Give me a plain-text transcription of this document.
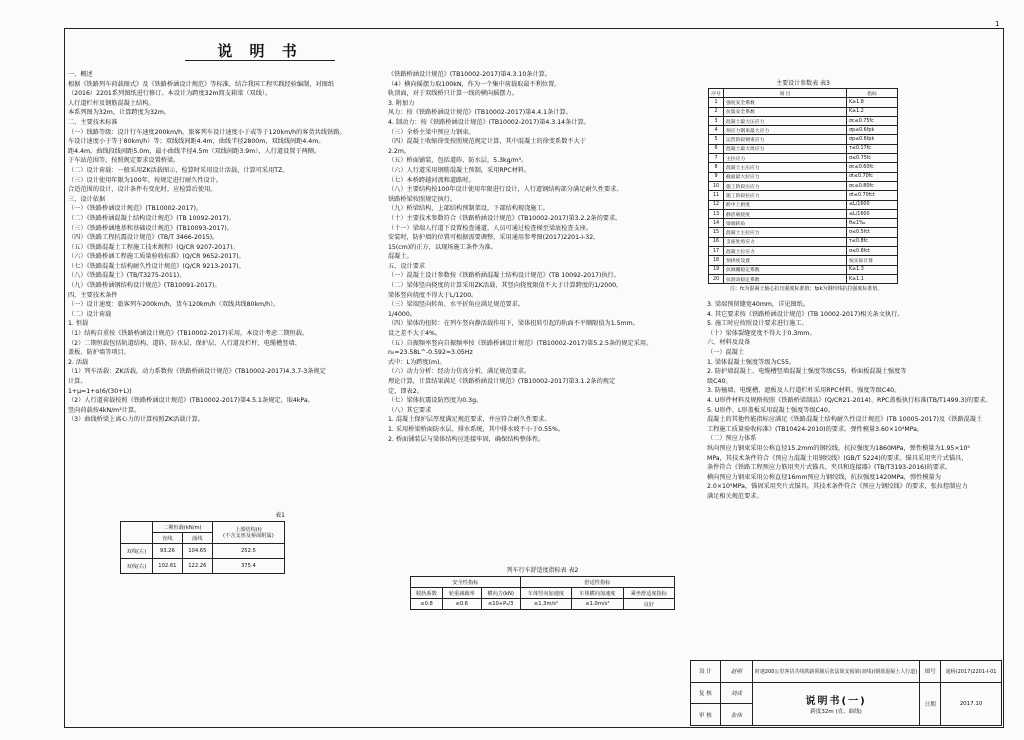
1
说 明 书
一、概述
根据《铁路列车荷载图式》及《铁路桥涵设计规范》等标准，结合我国工程实践经验编制，对图纸
（2016）2201系列图纸进行修订。本设计为跨度32m简支箱梁（双线）。
人行道栏杆及钢筋混凝土结构。
本系列图为32m，计算跨度为32m。
二、主要技术标准
（一）线路等级：设计行车速度200km/h，旅客列车设计速度小于或等于120km/h的客货共线铁路。
车设计速度小于等于80km/h）等；双线线间距4.4m，曲线半径2800m，双线线间距4.4m。
距4.4m，曲线段线间距5.0m，最小曲线半径4.5m（双线间距3.9m），人行道设置于两侧。
于车站范围等，按照规定要求设置桥梁。
（二）设计荷载：一般采用ZK活载图示，检算时采用设计活载，计算可采用TZ。
（三）设计使用年限为100年，按规定进行耐久性设计。
合适范围的设计，设计条件有变化时，应检算后使用。
三、设计依据
（一）《铁路桥涵设计规范》(TB10002-2017)。
（二）《铁路桥涵混凝土结构设计规范》(TB 10092-2017)。
（三）《铁路桥涵地基和基础设计规范》(TB10093-2017)。
（四）《铁路工程抗震设计规范》(TB/T 3466-2015)。
（五）《铁路混凝土工程施工技术规程》(Q/CR 9207-2017)。
（六）《铁路桥涵工程施工质量验收标准》(Q/CR 9652-2017)。
（七）《铁路混凝土结构耐久性设计规范》(Q/CR 9213-2017)。
（八）《铁路混凝土》(TB/T3275-2011)。
（九）《铁路桥涵钢结构设计规范》(TB10091-2017)。
四、主要技术条件
（一）设计速度：旅客列车200km/h，货车120km/h（双线共线80km/h）。
（二）设计荷载
1. 恒载
（1）结构自重按《铁路桥涵设计规范》(TB10002-2017)采用，本设计考虑二期恒载。
（2）二期恒载包括轨道结构、道砟、防水层、保护层、人行道及栏杆、电缆槽竖墙、
盖板、防护墙等项目。
2. 活载
（1）列车活载：ZK活载，动力系数按《铁路桥涵设计规范》(TB10002-2017)4.3.7-3条规定
计算。
1+μ=1+α(6/(30+L))
（2）人行道荷载按照《铁路桥涵设计规范》(TB10002-2017)第4.5.1条规定，取4kPa。
竖向荷载按4kN/m²计算。
（3）曲线桥梁上离心力的计算按照ZK活载计算。
《铁路桥涵设计规范》(TB10002-2017)第4.3.10条计算。
（4）横向摇摆力取100kN，作为一个集中荷载取最不利位置。
轨顶面，对于双线桥只计算一线的横向摇摆力。
3. 附加力
风力：按《铁路桥涵设计规范》(TB10002-2017)第4.4.1条计算。
4. 制动力：按《铁路桥涵设计规范》(TB10002-2017)第4.3.14条计算。
（三）全桥主梁中预应力钢束。
（四）混凝土收缩徐变按照规范规定计算，其中混凝土的徐变系数不大于
2.2m。
（五）桥面铺装，包括道砟、防水层，5.3kg/m³。
（六）人行道采用钢筋混凝土预制，采用RPC材料。
（七）本桥跨越河流和道路时。
（八）主要结构按100年设计使用年限进行设计，人行道钢结构部分满足耐久性要求。
铁路桥梁按照规定执行。
（九）桥梁结构，上部结构预制架设，下部结构现浇施工。
（十）主要技术参数符合《铁路桥涵设计规范》(TB10002-2017)第3.2.2条的要求。
（十一）梁端人行道下设置检查通道，人员可通过检查梯至梁底检查支座。
安装时，防护墙的位置可根据需要调整，采用通用参考图(2017)2201-I-32。
15(cm)的正方，以现场施工条件为准。
混凝土。
五、设计要求
（一）混凝土设计参数按《铁路桥涵混凝土结构设计规范》(TB 10092-2017)执行。
（二）梁体竖向挠度的计算采用ZK活载，其竖向挠度限值不大于计算跨度的1/2000，
梁体竖向挠度不得大于L/1200。
（三）梁端竖向转角、水平折角应满足规范要求。
1/4000。
（四）梁体的扭转：在列车竖向静活载作用下，梁体扭转引起的轨面不平顺限值为1.5mm。
设之差不大于4%。
（五）自振频率竖向自振频率按《铁路桥涵设计规范》(TB10002-2017)第5.2.5条的规定采用。
n₀=23.58L^-0.592=3.05Hz
式中：L为跨度(m)。
（六）动力分析：经动力仿真分析，满足规范要求。
理论计算，计算结果满足《铁路桥涵设计规范》(TB10002-2017)第3.1.2条的规定
定，即表2。
（七）梁体抗震设防烈度为0.3g。
（八）其它要求
1. 混凝土保护层厚度满足规范要求，并应符合耐久性要求。
1. 采用桥梁桥面防水层、排水系统，其中排水坡不小于0.55%。
2. 桥面铺装层与梁体结构应连接牢固，确保结构整体性。
3. 梁端预留缝宽40mm，详见图纸。
4. 其它要求按《铁路桥涵设计规范》(TB 10002-2017)相关条文执行。
5. 施工时应按照设计要求进行施工。
（十）梁体裂缝宽度不得大于0.3mm。
六、材料及设备
（一）混凝土
1. 梁体混凝土强度等级为C55。
2. 防护墙混凝土、电缆槽竖墙混凝土强度等级C55，桥面板混凝土强度等
级C40。
3. 防撞墙、电缆槽、遮板及人行道栏杆采用RPC材料，强度等级C40。
4. U形件材料及规格按照《铁路桥梁制品》(Q/CR21-2014)、RPC盖板执行标准(TB/T1499.3)的要求。
5. U形件、L形盖板采用混凝土强度等级C40。
混凝土的其他性能指标应满足《铁路混凝土结构耐久性设计规范》(TB 10005-2017)及《铁路混凝土
工程施工质量验收标准》(TB10424-2010)的要求。弹性模量3.60×10⁴MPa。
（二）预应力体系
纵向预应力钢束采用公称直径15.2mm的钢绞线，抗拉强度为1860MPa，弹性模量为1.95×10⁵
MPa，其技术条件符合《预应力混凝土用钢绞线》(GB/T 5224)的要求。锚具采用夹片式锚具，
条件符合《铁路工程预应力筋用夹片式锚具、夹具和连接器》(TB/T3193-2016)的要求。
横向预应力钢束采用公称直径16mm预应力钢绞线，抗拉强度1420MPa，弹性模量为
2.0×10⁵MPa，锚固采用夹片式锚具，其技术条件符合《预应力钢绞线》的要求，张拉控制应力
满足相关规范要求。
表1
	二期恒载(kN/m)		上部结构(t)
(不含支座及桥面附属)
	直线	曲线	
双线(左)	93.26	104.65	252.5
双线(右)	102.61	122.26	375.4
列车行车舒适度指标表 表2
安全性指标			舒适性指标		
脱轨系数	轮重减载率	横向力(kN)	车体竖向加速度	车体横向加速度	乘坐舒适度指标
≤0.8	≤0.6	≤10+P₀/3	≤1.3m/s²	≤1.0m/s²	良好
主要设计参数表 表3
序号	项 目	指标
1	强度安全系数	K≥1.8
2	抗裂安全系数	K≥1.2
3	混凝土最大压应力	σc≤0.75fc
4	预应力钢束最大应力	σp≤0.6fpk
5	运营阶段钢束应力	σp≤0.6fpk
6	混凝土最大剪应力	τ≤0.17fc
7	主拉应力	σ≤0.75fc
8	混凝土主压应力	σc≤0.60fc
9	截面最大拉应力	σt≤0.70fc
10	施工阶段压应力	σc≤0.80fc
11	施工阶段拉应力	σt≤0.70fct
12	跨中上拱度	≤L/1600
13	静活载挠度	≤L/1600
14	梁端转角	θ≤1‰
15	混凝土主拉应力	σ≤0.5fct
16	支座处剪应力	τ≤0.8fc
17	混凝土拉应力	σ≤0.8fct
18	预拱度设置	按实际计算
19	抗倾覆稳定系数	K≥1.3
20	抗滑动稳定系数	K≥1.1
注：fc为混凝土轴心抗压强度标准值；fpk为钢绞线抗拉强度标准值。
设 计	赵明	时速200公里客货共线铁路预制后张法简支箱梁(双线)(钢筋混凝土人行道)	图号	通桥(2017)2201-I-01
复 核	刘成	说明书(一)
跨度32m (直、曲线)	日期	2017.10
审 核	张伟			
